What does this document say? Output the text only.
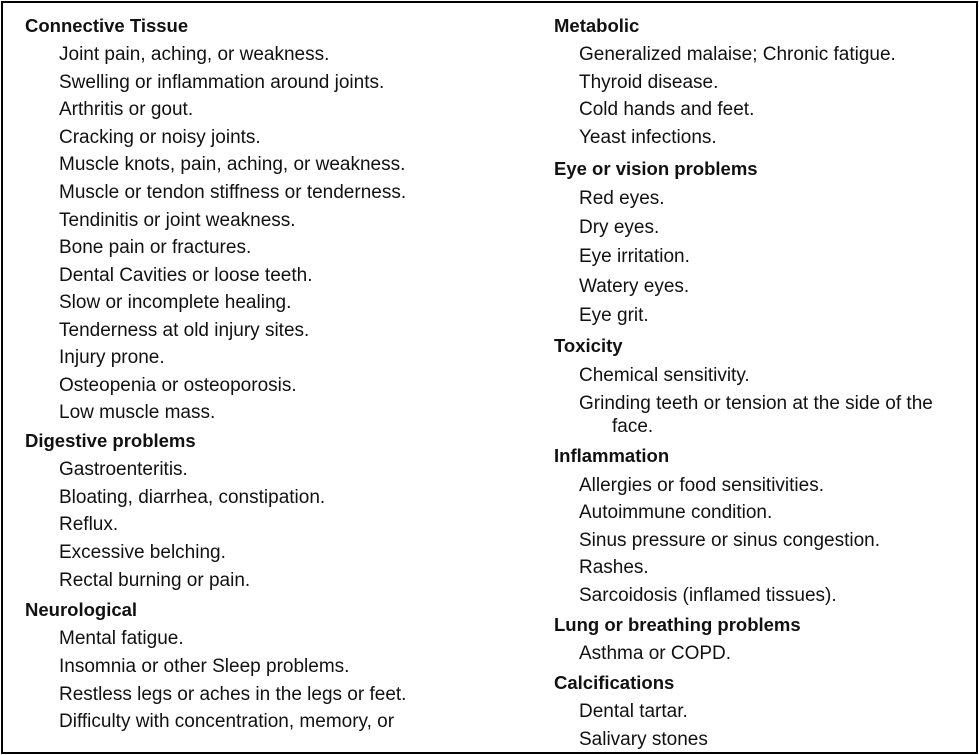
Connective Tissue
Joint pain, aching, or weakness.
Swelling or inflammation around joints.
Arthritis or gout.
Cracking or noisy joints.
Muscle knots, pain, aching, or weakness.
Muscle or tendon stiffness or tenderness.
Tendinitis or joint weakness.
Bone pain or fractures.
Dental Cavities or loose teeth.
Slow or incomplete healing.
Tenderness at old injury sites.
Injury prone.
Osteopenia or osteoporosis.
Low muscle mass.
Digestive problems
Gastroenteritis.
Bloating, diarrhea, constipation.
Reflux.
Excessive belching.
Rectal burning or pain.
Neurological
Mental fatigue.
Insomnia or other Sleep problems.
Restless legs or aches in the legs or feet.
Difficulty with concentration, memory, or
Metabolic
Generalized malaise; Chronic fatigue.
Thyroid disease.
Cold hands and feet.
Yeast infections.
Eye or vision problems
Red eyes.
Dry eyes.
Eye irritation.
Watery eyes.
Eye grit.
Toxicity
Chemical sensitivity.
Grinding teeth or tension at the side of the
face.
Inflammation
Allergies or food sensitivities.
Autoimmune condition.
Sinus pressure or sinus congestion.
Rashes.
Sarcoidosis (inflamed tissues).
Lung or breathing problems
Asthma or COPD.
Calcifications
Dental tartar.
Salivary stones
